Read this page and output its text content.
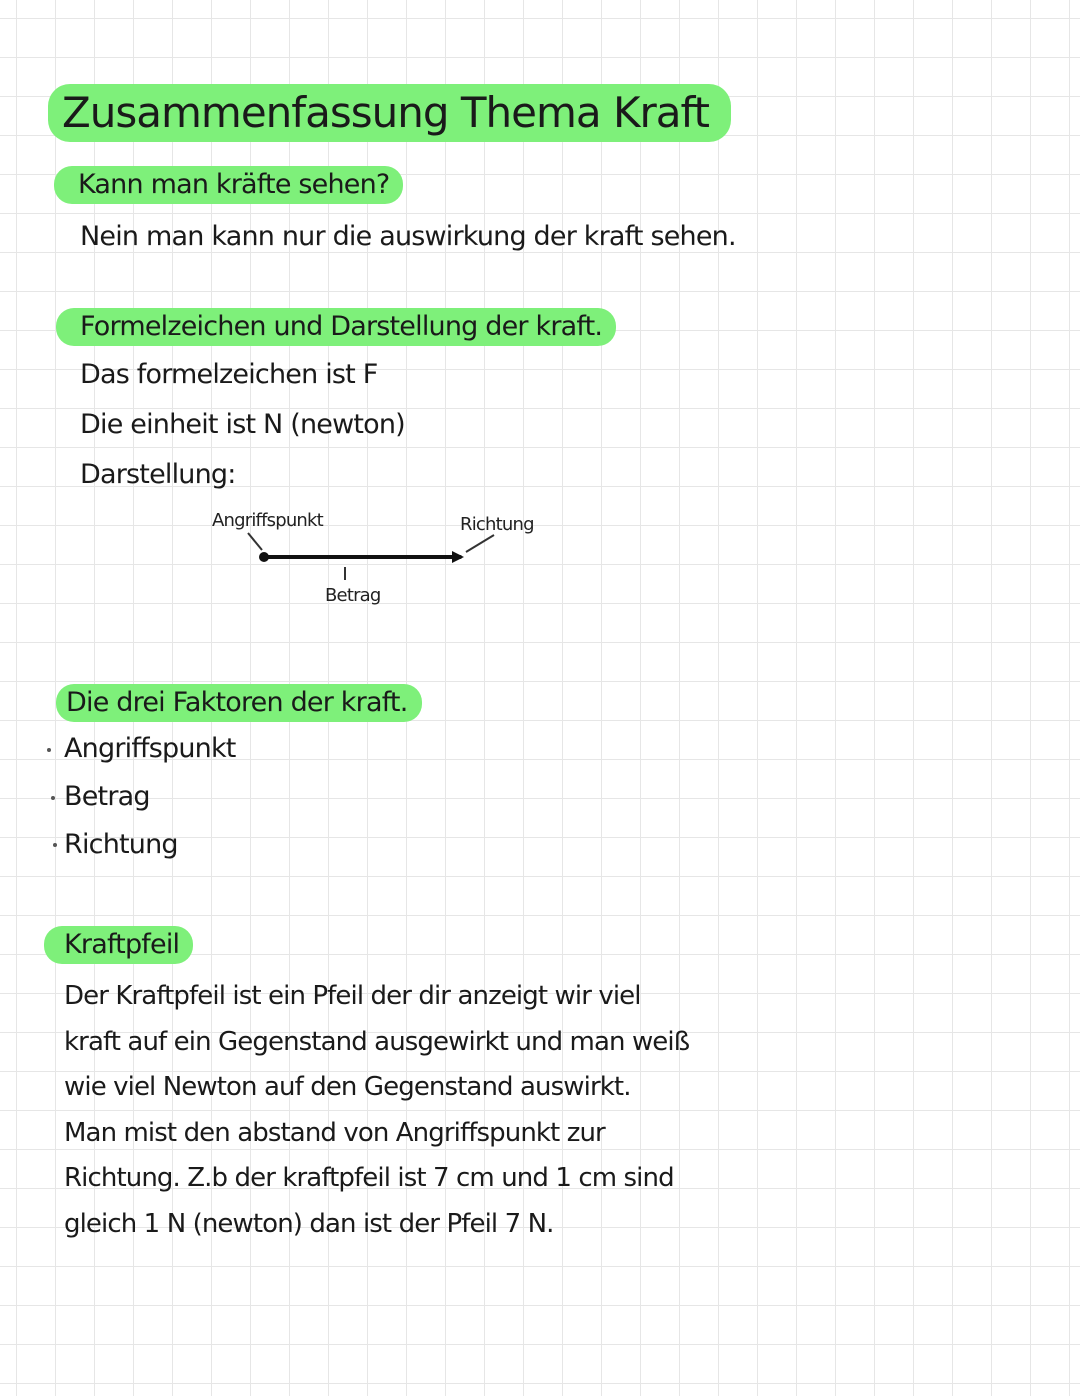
Zusammenfassung Thema Kraft
Kann man kräfte sehen?
Nein man kann nur die auswirkung der kraft sehen.
Formelzeichen und Darstellung der kraft.
Das formelzeichen ist F
Die einheit ist N (newton)
Darstellung:
Angriffspunkt	Richtung
Betrag
Die drei Faktoren der kraft.
Angriffspunkt
Betrag
Richtung
Kraftpfeil
Der Kraftpfeil ist ein Pfeil der dir anzeigt wir viel
kraft auf ein Gegenstand ausgewirkt und man weiß
wie viel Newton auf den Gegenstand auswirkt.
Man mist den abstand von Angriffspunkt zur
Richtung. Z.b der kraftpfeil ist 7 cm und 1 cm sind
gleich 1 N (newton) dan ist der Pfeil 7 N.
